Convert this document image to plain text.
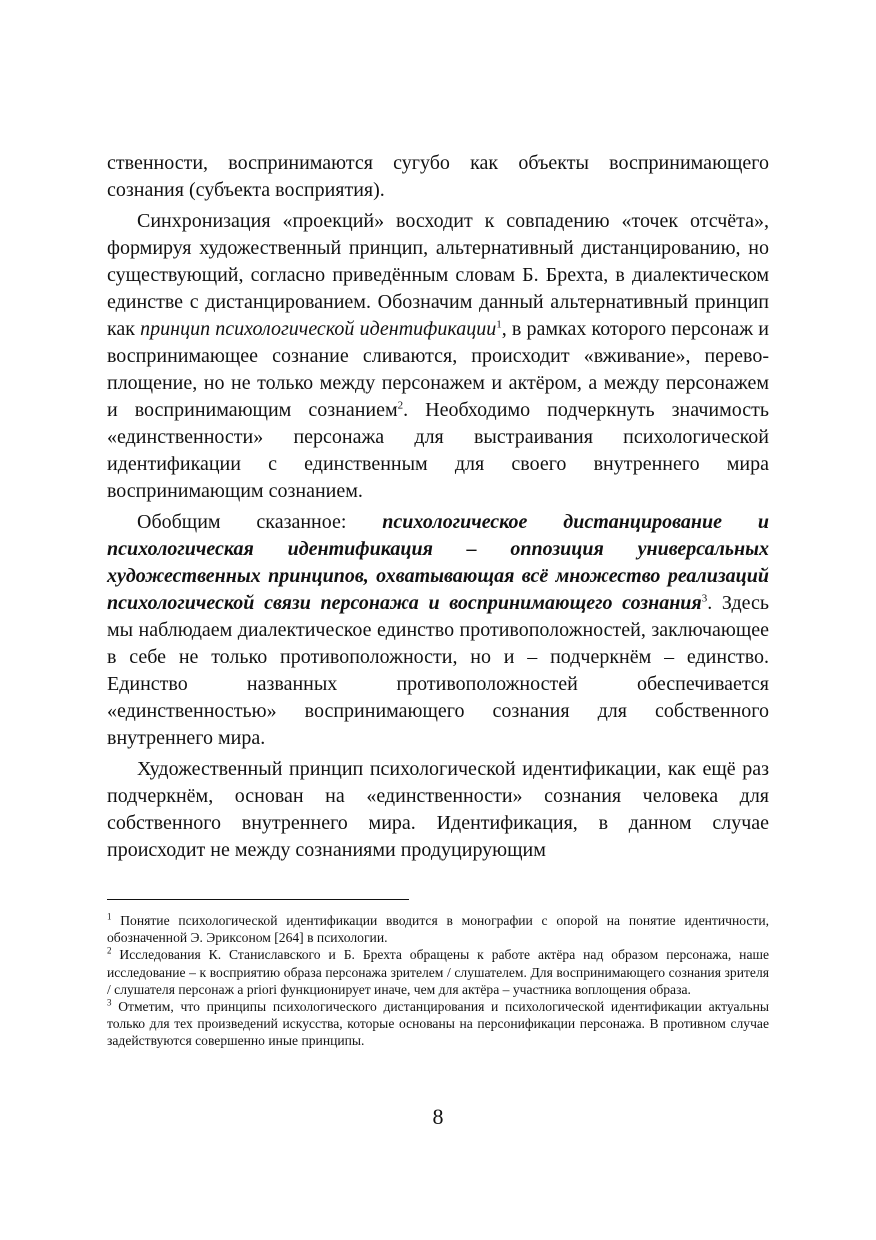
ственности, воспринимаются сугубо как объекты воспринимающего сознания (субъекта восприятия).

Синхронизация «проекций» восходит к совпадению «точек отсчёта», формируя художественный принцип, альтернативный дистанцированию, но существующий, согласно приведённым словам Б. Брехта, в диалектическом единстве с дистанцированием. Обозначим данный альтернативный принцип как принцип психологической идентификации$^1$, в рамках которого персонаж и воспринимающее сознание сливаются, происходит «вживание», перевоплощение, но не только между персонажем и актёром, а между персонажем и воспринимающим сознанием$^2$. Необходимо подчеркнуть значимость «единственности» персонажа для выстраивания психологической идентификации с единственным для своего внутреннего мира воспринимающим сознанием.

Обобщим сказанное: психологическое дистанцирование и психологическая идентификация – оппозиция универсальных художественных принципов, охватывающая всё множество реализаций психологической связи персонажа и воспринимающего сознания$^3$. Здесь мы наблюдаем диалектическое единство противоположностей, заключающее в себе не только противоположности, но и – подчеркнём – единство. Единство названных противоположностей обеспечивается «единственностью» воспринимающего сознания для собственного внутреннего мира.

Художественный принцип психологической идентификации, как ещё раз подчеркнём, основан на «единственности» сознания человека для собственного внутреннего мира. Идентификация, в данном случае происходит не между сознаниями продуцирующим

$^1$ Понятие психологической идентификации вводится в монографии с опорой на понятие идентичности, обозначенной Э. Эриксоном [264] в психологии.

$^2$ Исследования К. Станиславского и Б. Брехта обращены к работе актёра над образом персонажа, наше исследование – к восприятию образа персонажа зрителем / слушателем. Для воспринимающего сознания зрителя / слушателя персонаж a priori функционирует иначе, чем для актёра – участника воплощения образа.

$^3$ Отметим, что принципы психологического дистанцирования и психологической идентификации актуальны только для тех произведений искусства, которые основаны на персонификации персонажа. В противном случае задействуются совершенно иные принципы.

8
